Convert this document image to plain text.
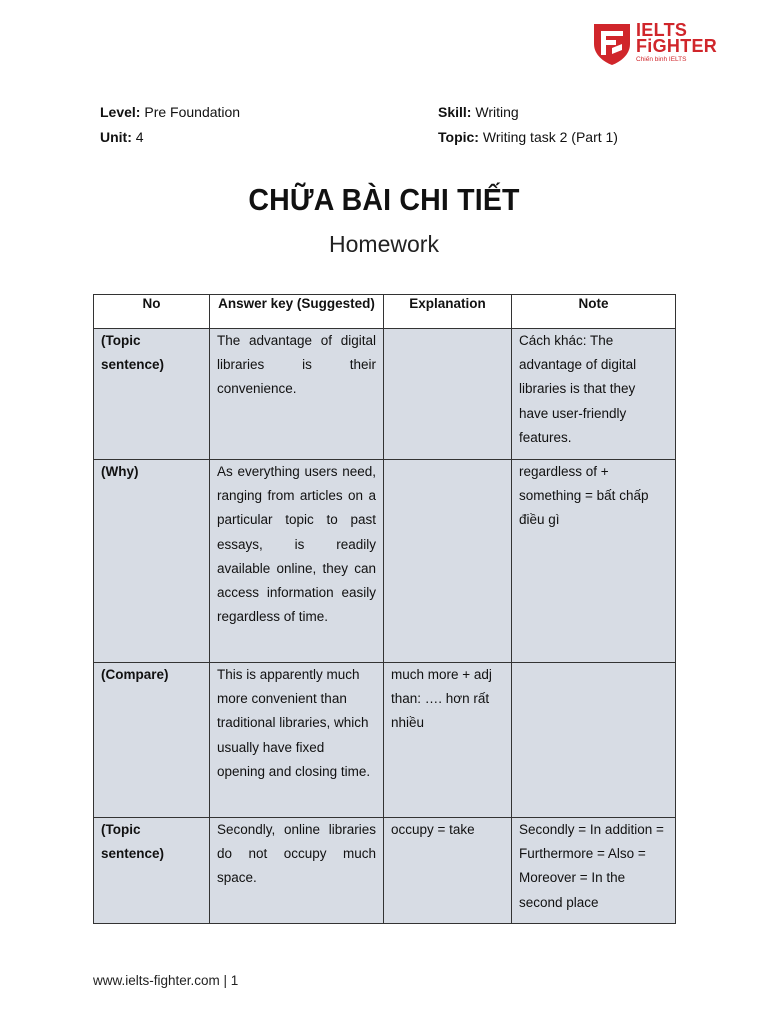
IELTS
FiGHTER
Chiến binh IELTS
Level: Pre Foundation
Unit: 4
Skill: Writing
Topic: Writing task 2 (Part 1)
CHỮA BÀI CHI TIẾT
Homework
No	Answer key (Suggested)	Explanation	Note
(Topic sentence)	The advantage of digital libraries is their convenience.		Cách khác: The advantage of digital libraries is that they have user-friendly features.
(Why)	As everything users need, ranging from articles on a particular topic to past essays, is readily available online, they can access information easily regardless of time.		regardless of + something = bất chấp điều gì
(Compare)	This is apparently much more convenient than traditional libraries, which usually have fixed opening and closing time.	much more + adj than: …. hơn rất nhiều	
(Topic sentence)	Secondly, online libraries do not occupy much space.	occupy = take	Secondly = In addition = Furthermore = Also = Moreover = In the second place
www.ielts-fighter.com | 1
